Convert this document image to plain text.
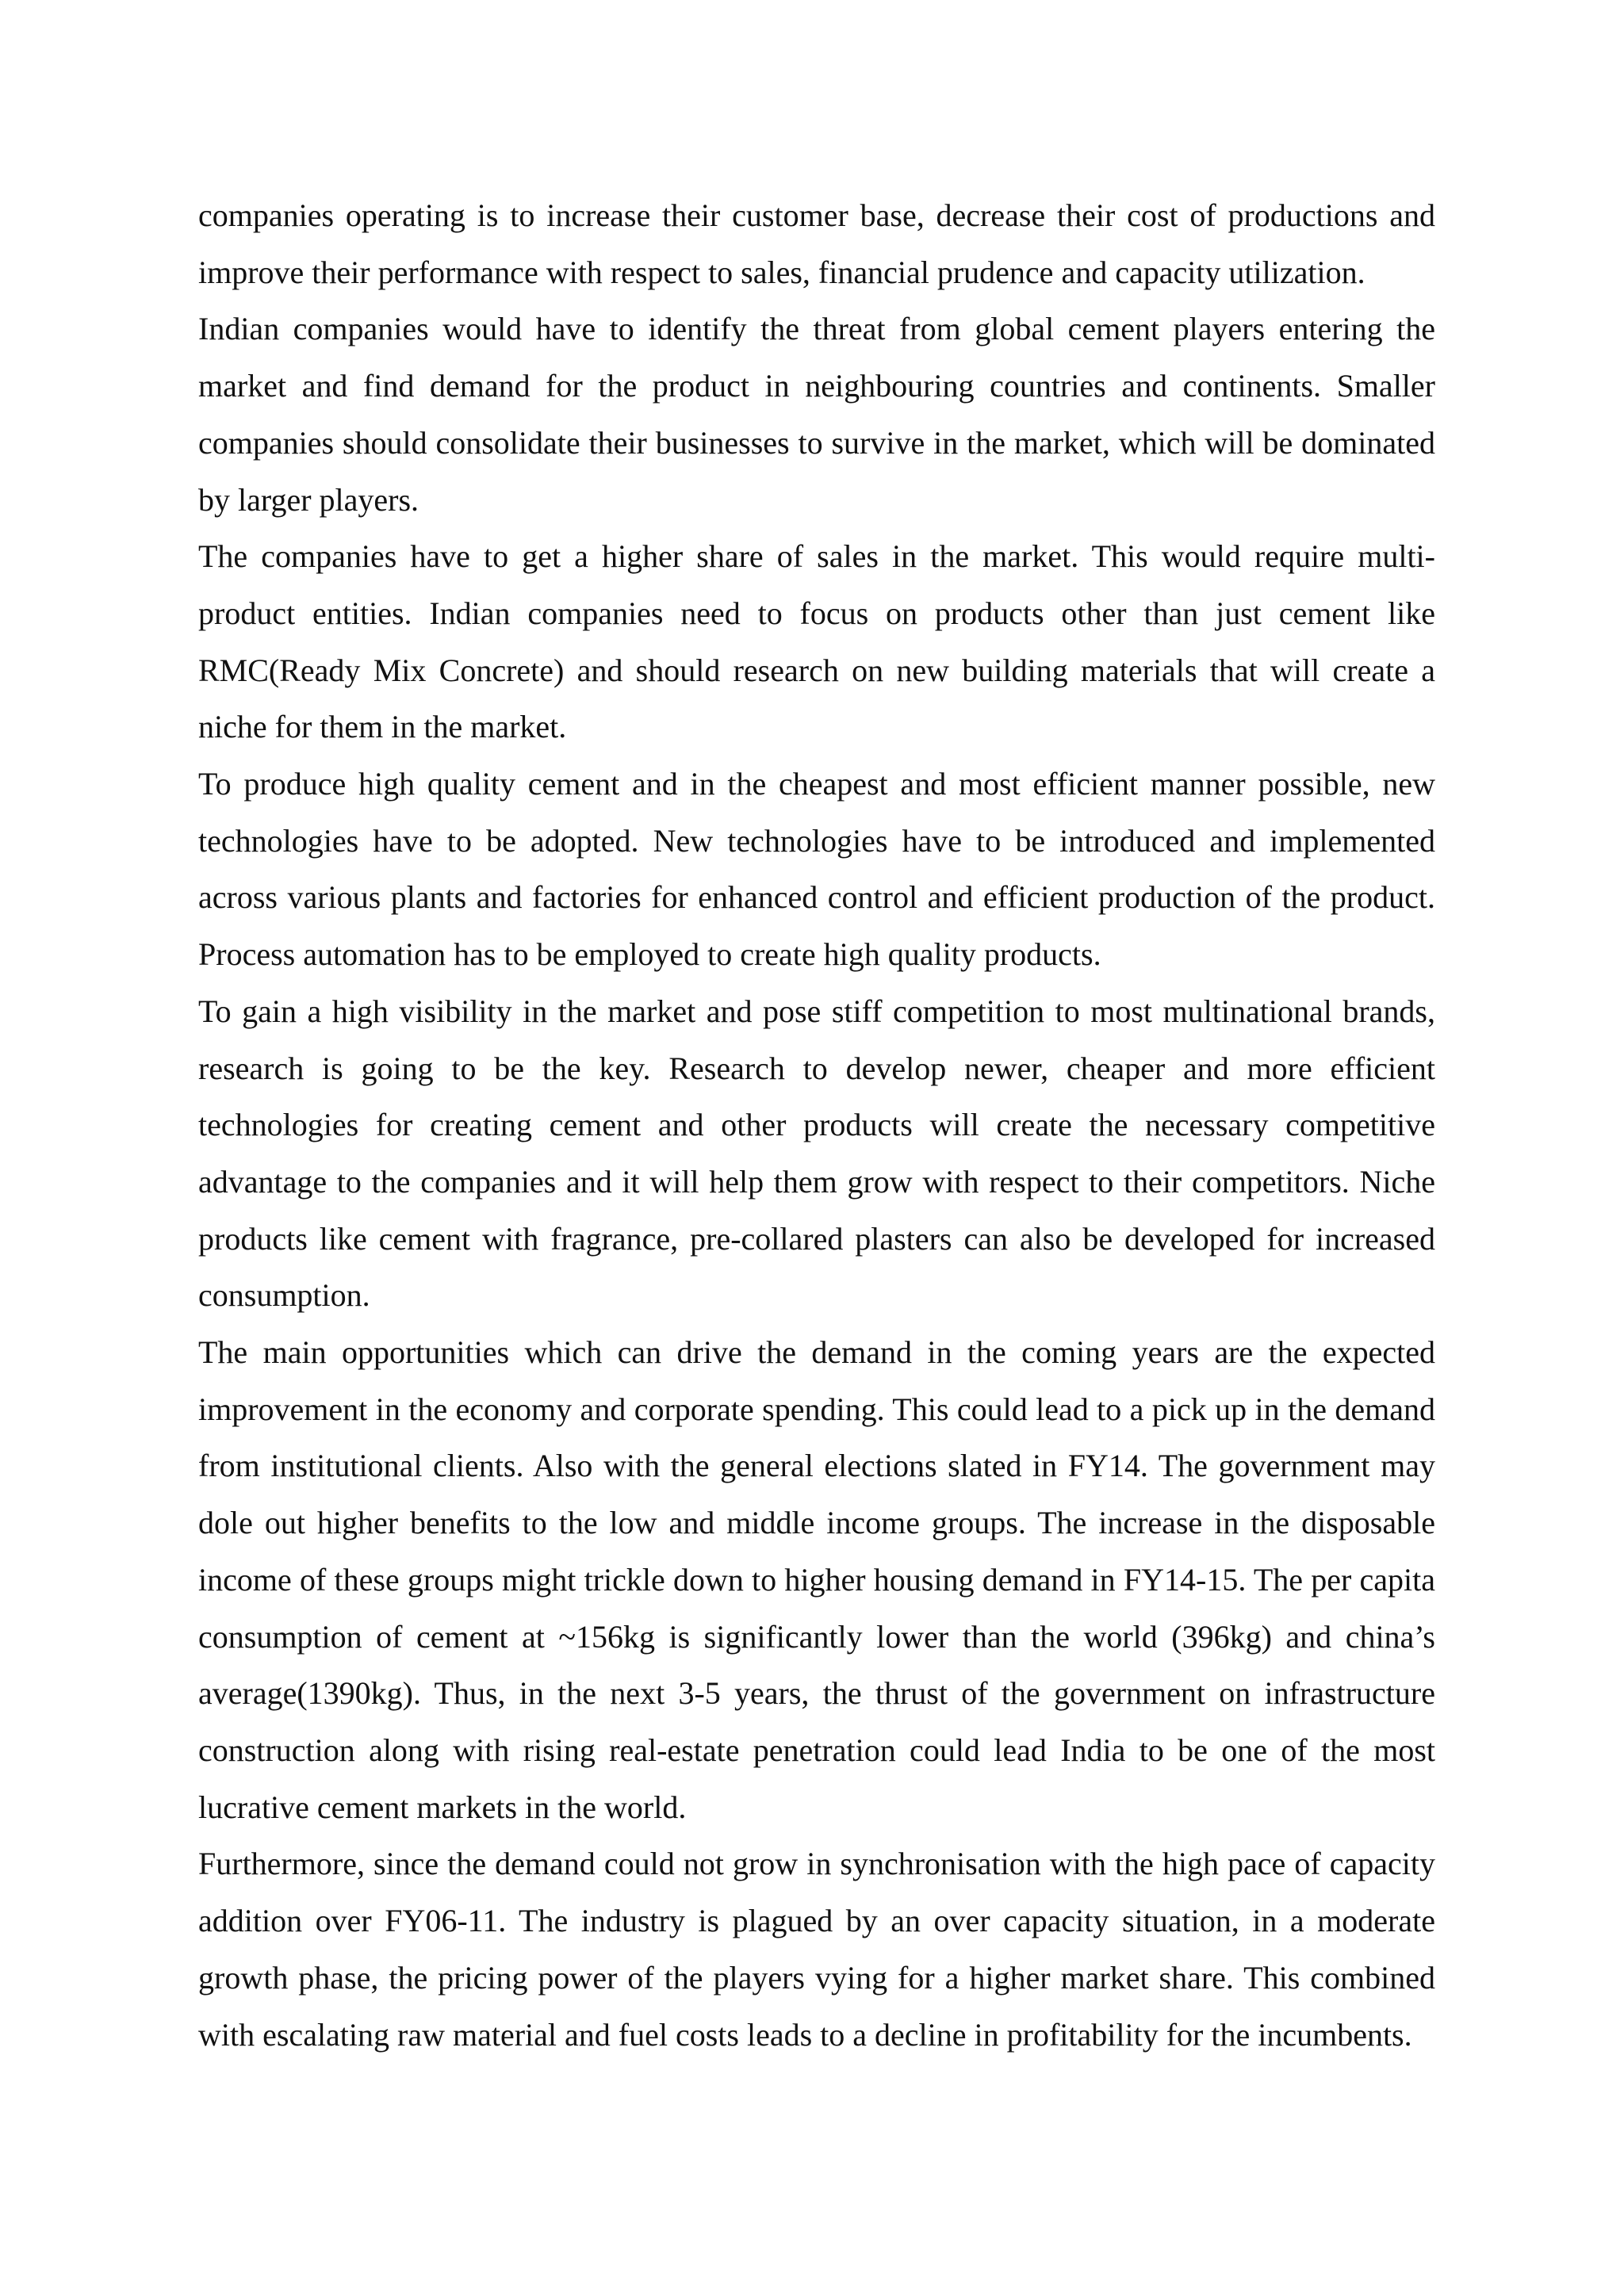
companies operating is to increase their customer base, decrease their cost of productions and improve their performance with respect to sales, financial prudence and capacity utilization.

Indian companies would have to identify the threat from global cement players entering the market and find demand for the product in neighbouring countries and continents. Smaller companies should consolidate their businesses to survive in the market, which will be dominated by larger players.

The companies have to get a higher share of sales in the market. This would require multi-product entities. Indian companies need to focus on products other than just cement like RMC(Ready Mix Concrete) and should research on new building materials that will create a niche for them in the market.

To produce high quality cement and in the cheapest and most efficient manner possible, new technologies have to be adopted. New technologies have to be introduced and implemented across various plants and factories for enhanced control and efficient production of the product. Process automation has to be employed to create high quality products.

To gain a high visibility in the market and pose stiff competition to most multinational brands, research is going to be the key. Research to develop newer, cheaper and more efficient technologies for creating cement and other products will create the necessary competitive advantage to the companies and it will help them grow with respect to their competitors. Niche products like cement with fragrance, pre-collared plasters can also be developed for increased consumption.

The main opportunities which can drive the demand in the coming years are the expected improvement in the economy and corporate spending. This could lead to a pick up in the demand from institutional clients. Also with the general elections slated in FY14. The government may dole out higher benefits to the low and middle income groups. The increase in the disposable income of these groups might trickle down to higher housing demand in FY14-15. The per capita consumption of cement at ~156kg is significantly lower than the world (396kg) and china’s average(1390kg). Thus, in the next 3-5 years, the thrust of the government on infrastructure construction along with rising real-estate penetration could lead India to be one of the most lucrative cement markets in the world.

Furthermore, since the demand could not grow in synchronisation with the high pace of capacity addition over FY06-11. The industry is plagued by an over capacity situation, in a moderate growth phase, the pricing power of the players vying for a higher market share. This combined with escalating raw material and fuel costs leads to a decline in profitability for the incumbents.
